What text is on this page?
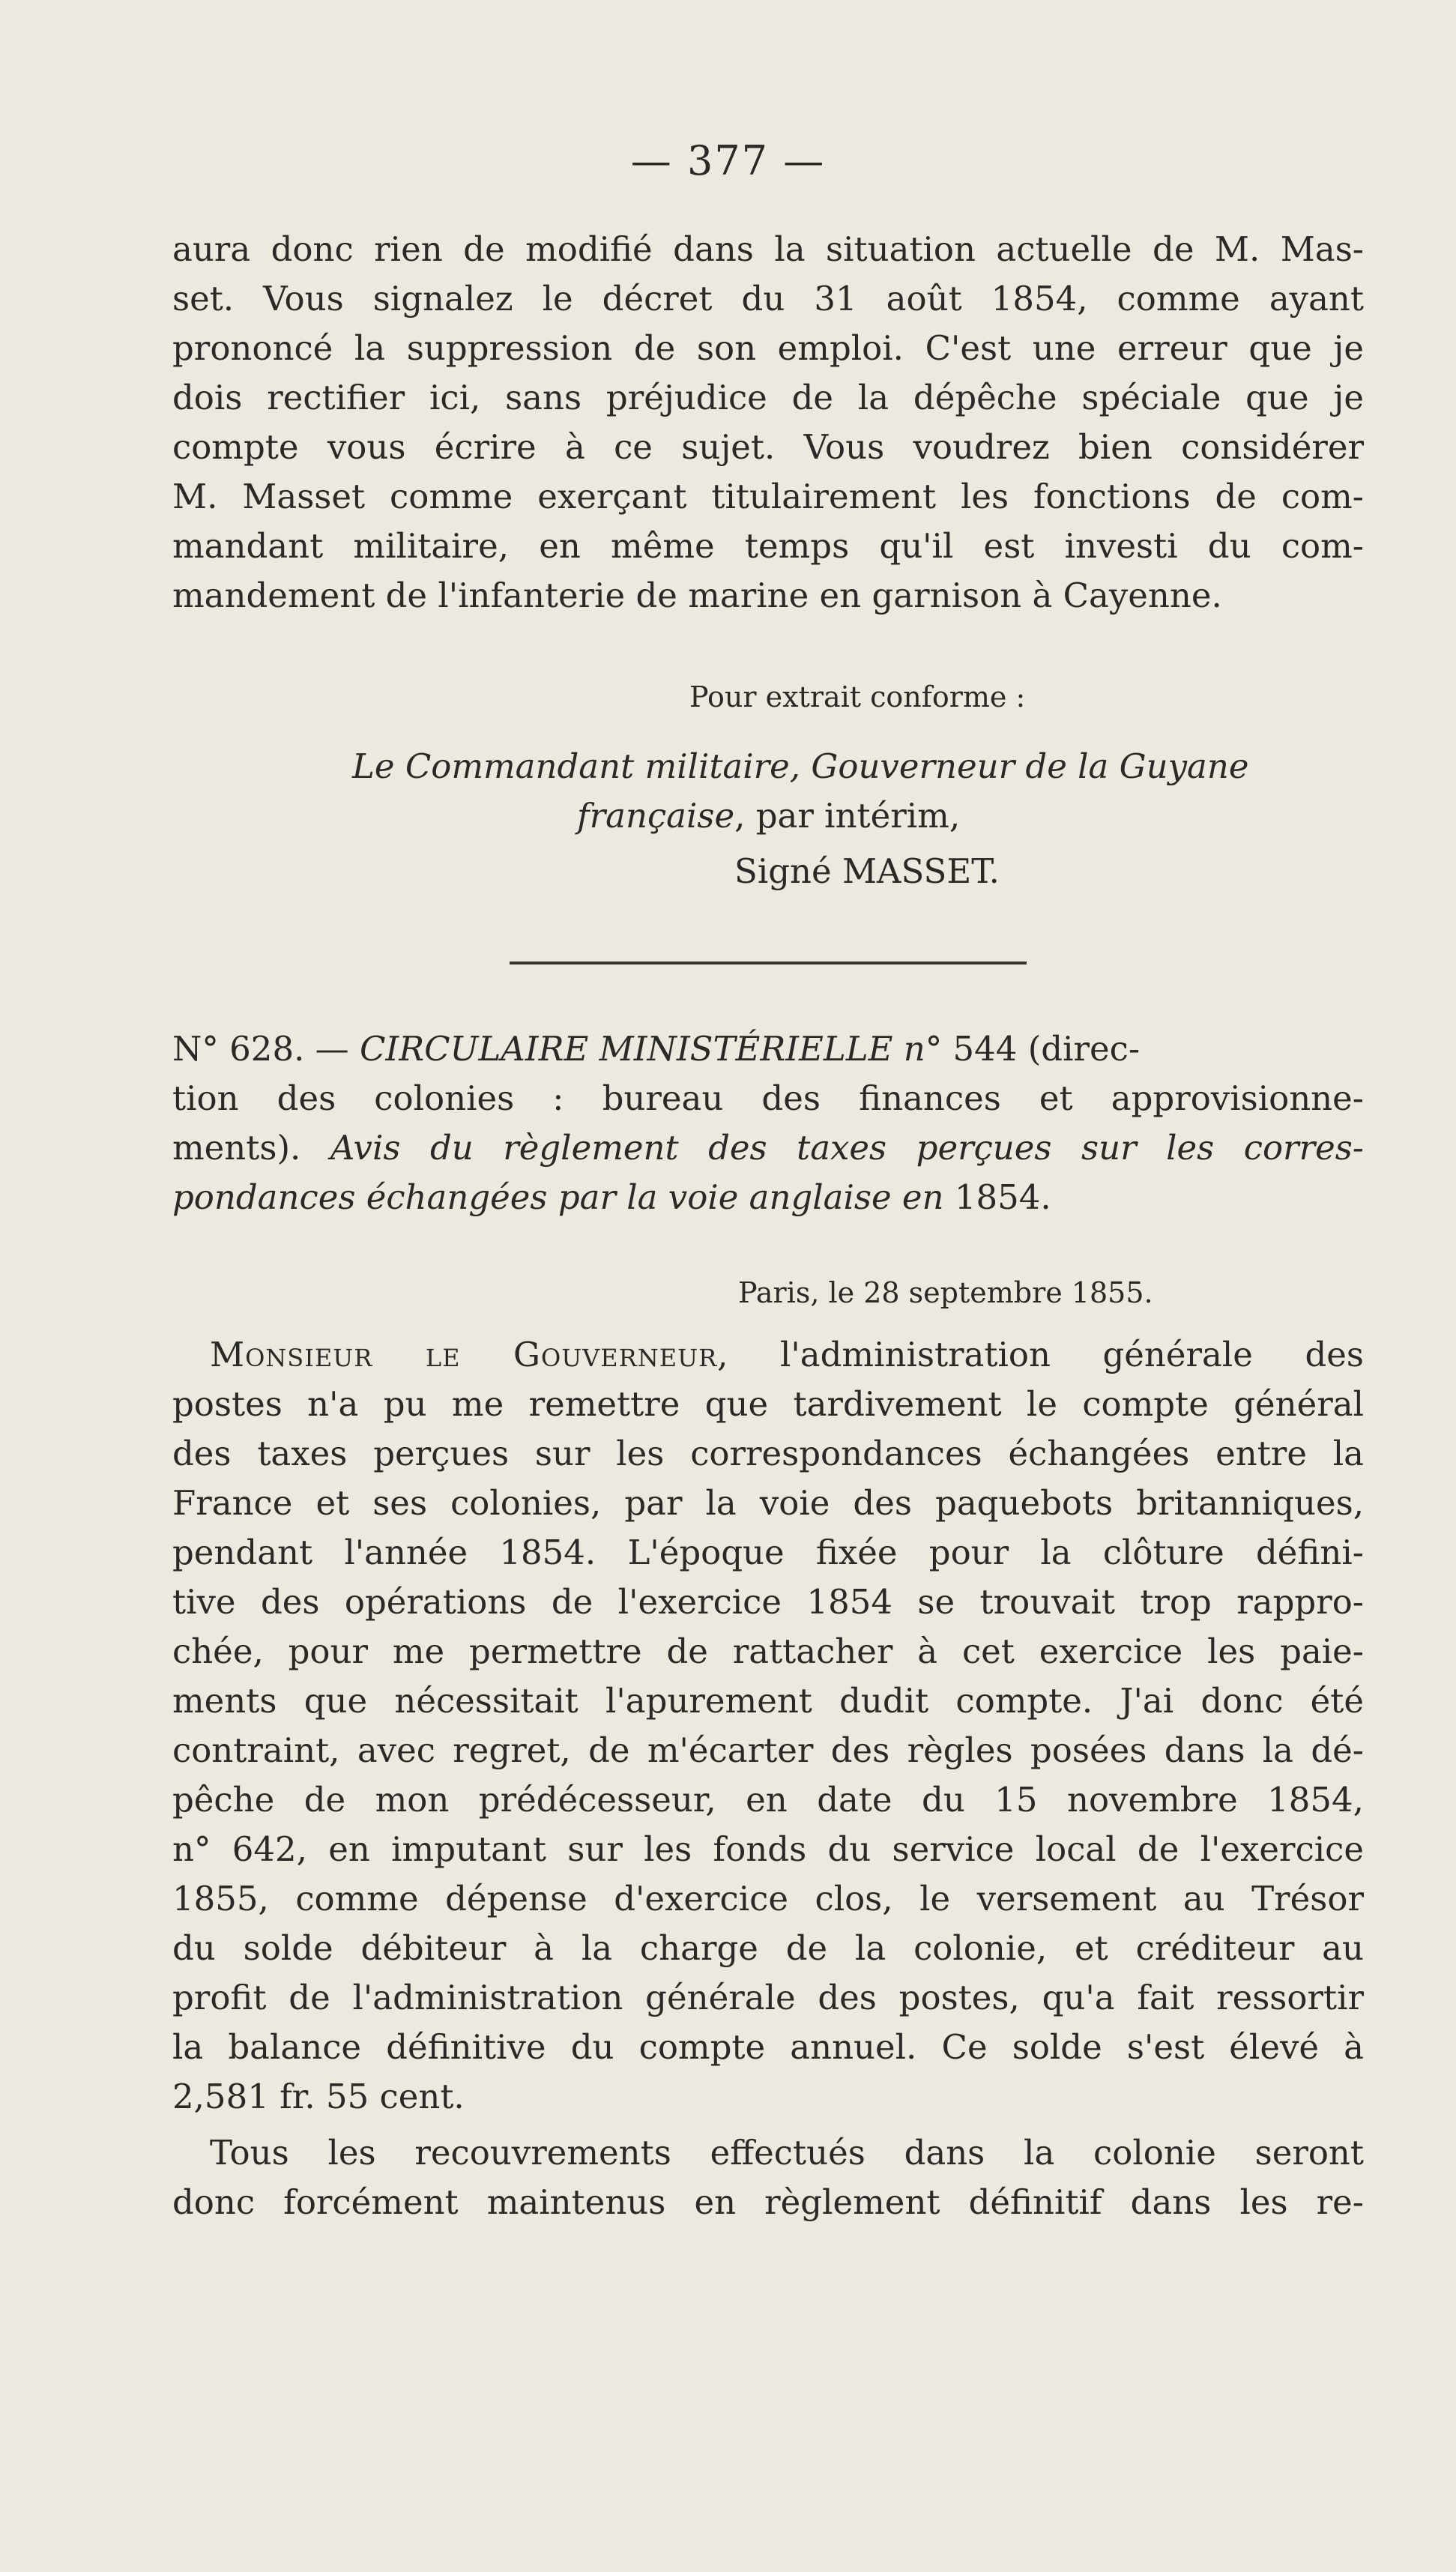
— 377 —
aura donc rien de modifié dans la situation actuelle de M. Mas-
set. Vous signalez le décret du 31 août 1854, comme ayant
prononcé la suppression de son emploi. C'est une erreur que je
dois rectifier ici, sans préjudice de la dépêche spéciale que je
compte vous écrire à ce sujet. Vous voudrez bien considérer
M. Masset comme exerçant titulairement les fonctions de com-
mandant militaire, en même temps qu'il est investi du com-
mandement de l'infanterie de marine en garnison à Cayenne.
Pour extrait conforme :
Le Commandant militaire, Gouverneur de la Guyane
française, par intérim,
Signé MASSET.
N° 628. — CIRCULAIRE MINISTÉRIELLE n° 544 (direc-
tion des colonies : bureau des finances et approvisionne-
ments). Avis du règlement des taxes perçues sur les corres-
pondances échangées par la voie anglaise en 1854.
Paris, le 28 septembre 1855.
Monsieur le Gouverneur, l'administration générale des
postes n'a pu me remettre que tardivement le compte général
des taxes perçues sur les correspondances échangées entre la
France et ses colonies, par la voie des paquebots britanniques,
pendant l'année 1854. L'époque fixée pour la clôture défini-
tive des opérations de l'exercice 1854 se trouvait trop rappro-
chée, pour me permettre de rattacher à cet exercice les paie-
ments que nécessitait l'apurement dudit compte. J'ai donc été
contraint, avec regret, de m'écarter des règles posées dans la dé-
pêche de mon prédécesseur, en date du 15 novembre 1854,
n° 642, en imputant sur les fonds du service local de l'exercice
1855, comme dépense d'exercice clos, le versement au Trésor
du solde débiteur à la charge de la colonie, et créditeur au
profit de l'administration générale des postes, qu'a fait ressortir
la balance définitive du compte annuel. Ce solde s'est élevé à
2,581 fr. 55 cent.
Tous les recouvrements effectués dans la colonie seront
donc forcément maintenus en règlement définitif dans les re-
